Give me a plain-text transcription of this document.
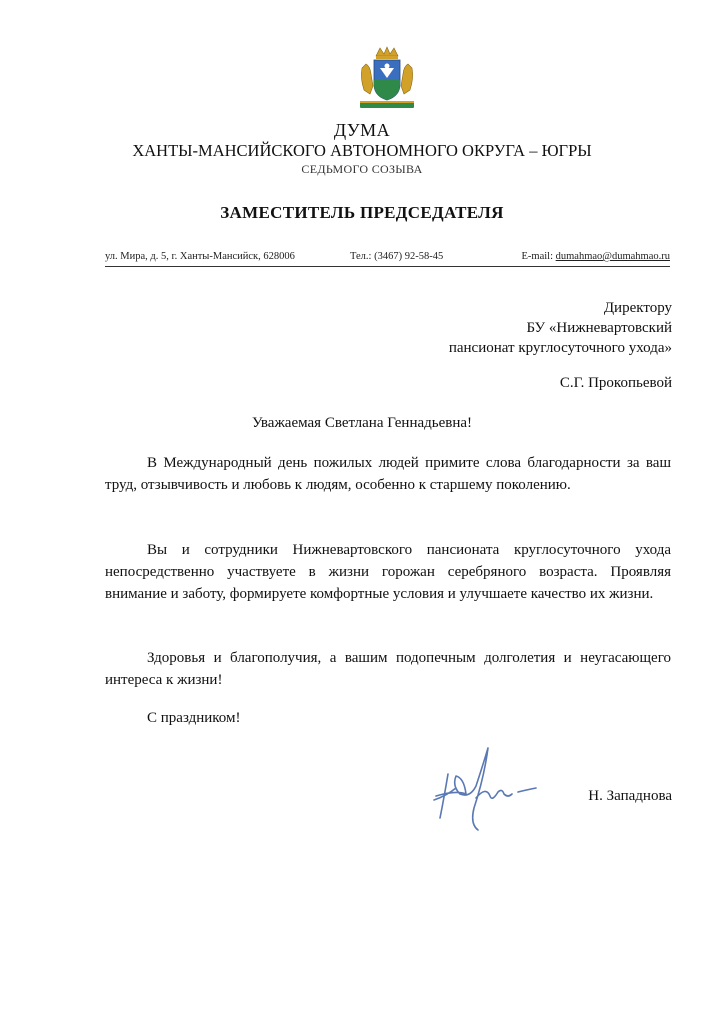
ДУМА
ХАНТЫ-МАНСИЙСКОГО АВТОНОМНОГО ОКРУГА – ЮГРЫ
СЕДЬМОГО СОЗЫВА
ЗАМЕСТИТЕЛЬ ПРЕДСЕДАТЕЛЯ
ул. Мира, д. 5, г. Ханты-Мансийск, 628006	Тел.: (3467) 92-58-45	E-mail: dumahmao@dumahmao.ru
Директору
БУ «Нижневартовский
пансионат круглосуточного ухода»
С.Г. Прокопьевой
Уважаемая Светлана Геннадьевна!

В Международный день пожилых людей примите слова благодарности за ваш труд, отзывчивость и любовь к людям, особенно к старшему поколению.

Вы и сотрудники Нижневартовского пансионата круглосуточного ухода непосредственно участвуете в жизни горожан серебряного возраста. Проявляя внимание и заботу, формируете комфортные условия и улучшаете качество их жизни.

Здоровья и благополучия, а вашим подопечным долголетия и неугасающего интереса к жизни!

С праздником!

Н. Западнова
